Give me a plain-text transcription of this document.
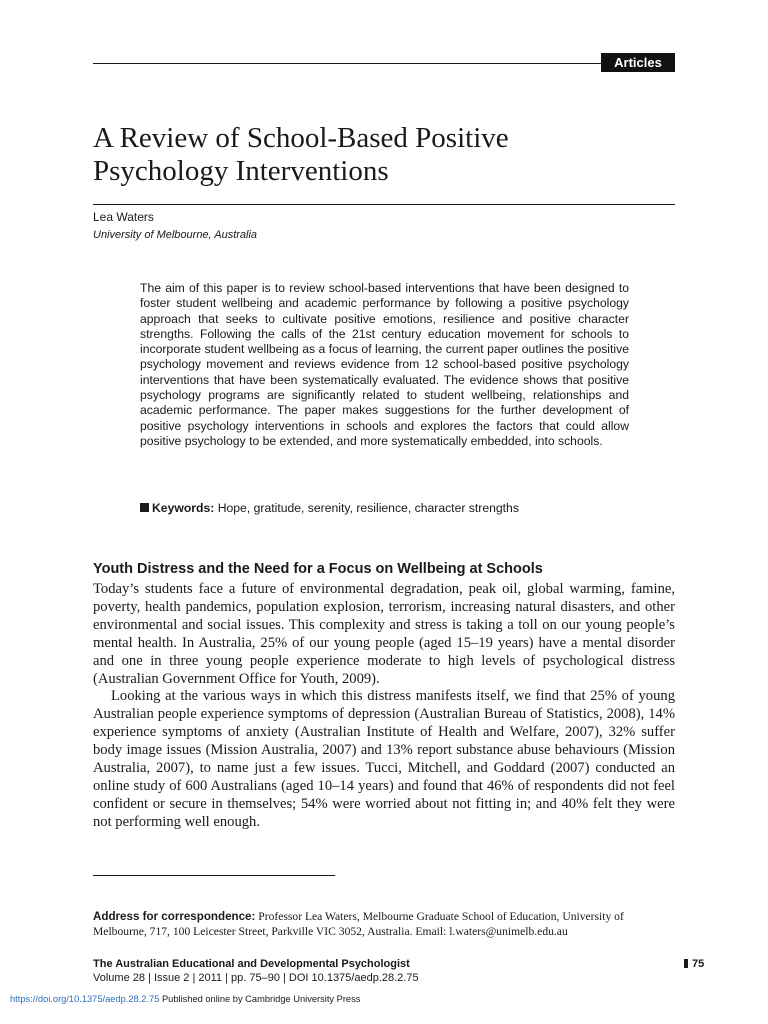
Articles
A Review of School-Based Positive
Psychology Interventions
Lea Waters
University of Melbourne, Australia

The aim of this paper is to review school-based interventions that have been designed to foster student wellbeing and academic performance by following a positive psychology approach that seeks to cultivate positive emotions, resilience and positive character strengths. Following the calls of the 21st century education movement for schools to incorporate student wellbeing as a focus of learning, the current paper outlines the positive psychology movement and reviews evidence from 12 school-based positive psychology interventions that have been systematically evaluated. The evidence shows that positive psychology programs are significantly related to student wellbeing, relationships and academic performance. The paper makes suggestions for the further development of positive psychology interventions in schools and explores the factors that could allow positive psychology to be extended, and more systematically embedded, into schools.

Keywords: Hope, gratitude, serenity, resilience, character strengths
Youth Distress and the Need for a Focus on Wellbeing at Schools

Today’s students face a future of environmental degradation, peak oil, global warming, famine, poverty, health pandemics, population explosion, terrorism, increasing natural disasters, and other environmental and social issues. This complexity and stress is taking a toll on our young people’s mental health. In Australia, 25% of our young people (aged 15–19 years) have a mental disorder and one in three young people experience moderate to high levels of psychological distress (Australian Government Office for Youth, 2009).

Looking at the various ways in which this distress manifests itself, we find that 25% of young Australian people experience symptoms of depression (Australian Bureau of Statistics, 2008), 14% experience symptoms of anxiety (Australian Institute of Health and Welfare, 2007), 32% suffer body image issues (Mission Australia, 2007) and 13% report substance abuse behaviours (Mission Australia, 2007), to name just a few issues. Tucci, Mitchell, and Goddard (2007) conducted an online study of 600 Australians (aged 10–14 years) and found that 46% of respondents did not feel confident or secure in themselves; 54% were worried about not fitting in; and 40% felt they were not performing well enough.

Address for correspondence: Professor Lea Waters, Melbourne Graduate School of Education, University of Melbourne, 717, 100 Leicester Street, Parkville VIC 3052, Australia. Email: l.waters@unimelb.edu.au

The Australian Educational and Developmental Psychologist
Volume 28 | Issue 2 | 2011 | pp. 75–90 | DOI 10.1375/aedp.28.2.75
75
https://doi.org/10.1375/aedp.28.2.75 Published online by Cambridge University Press
